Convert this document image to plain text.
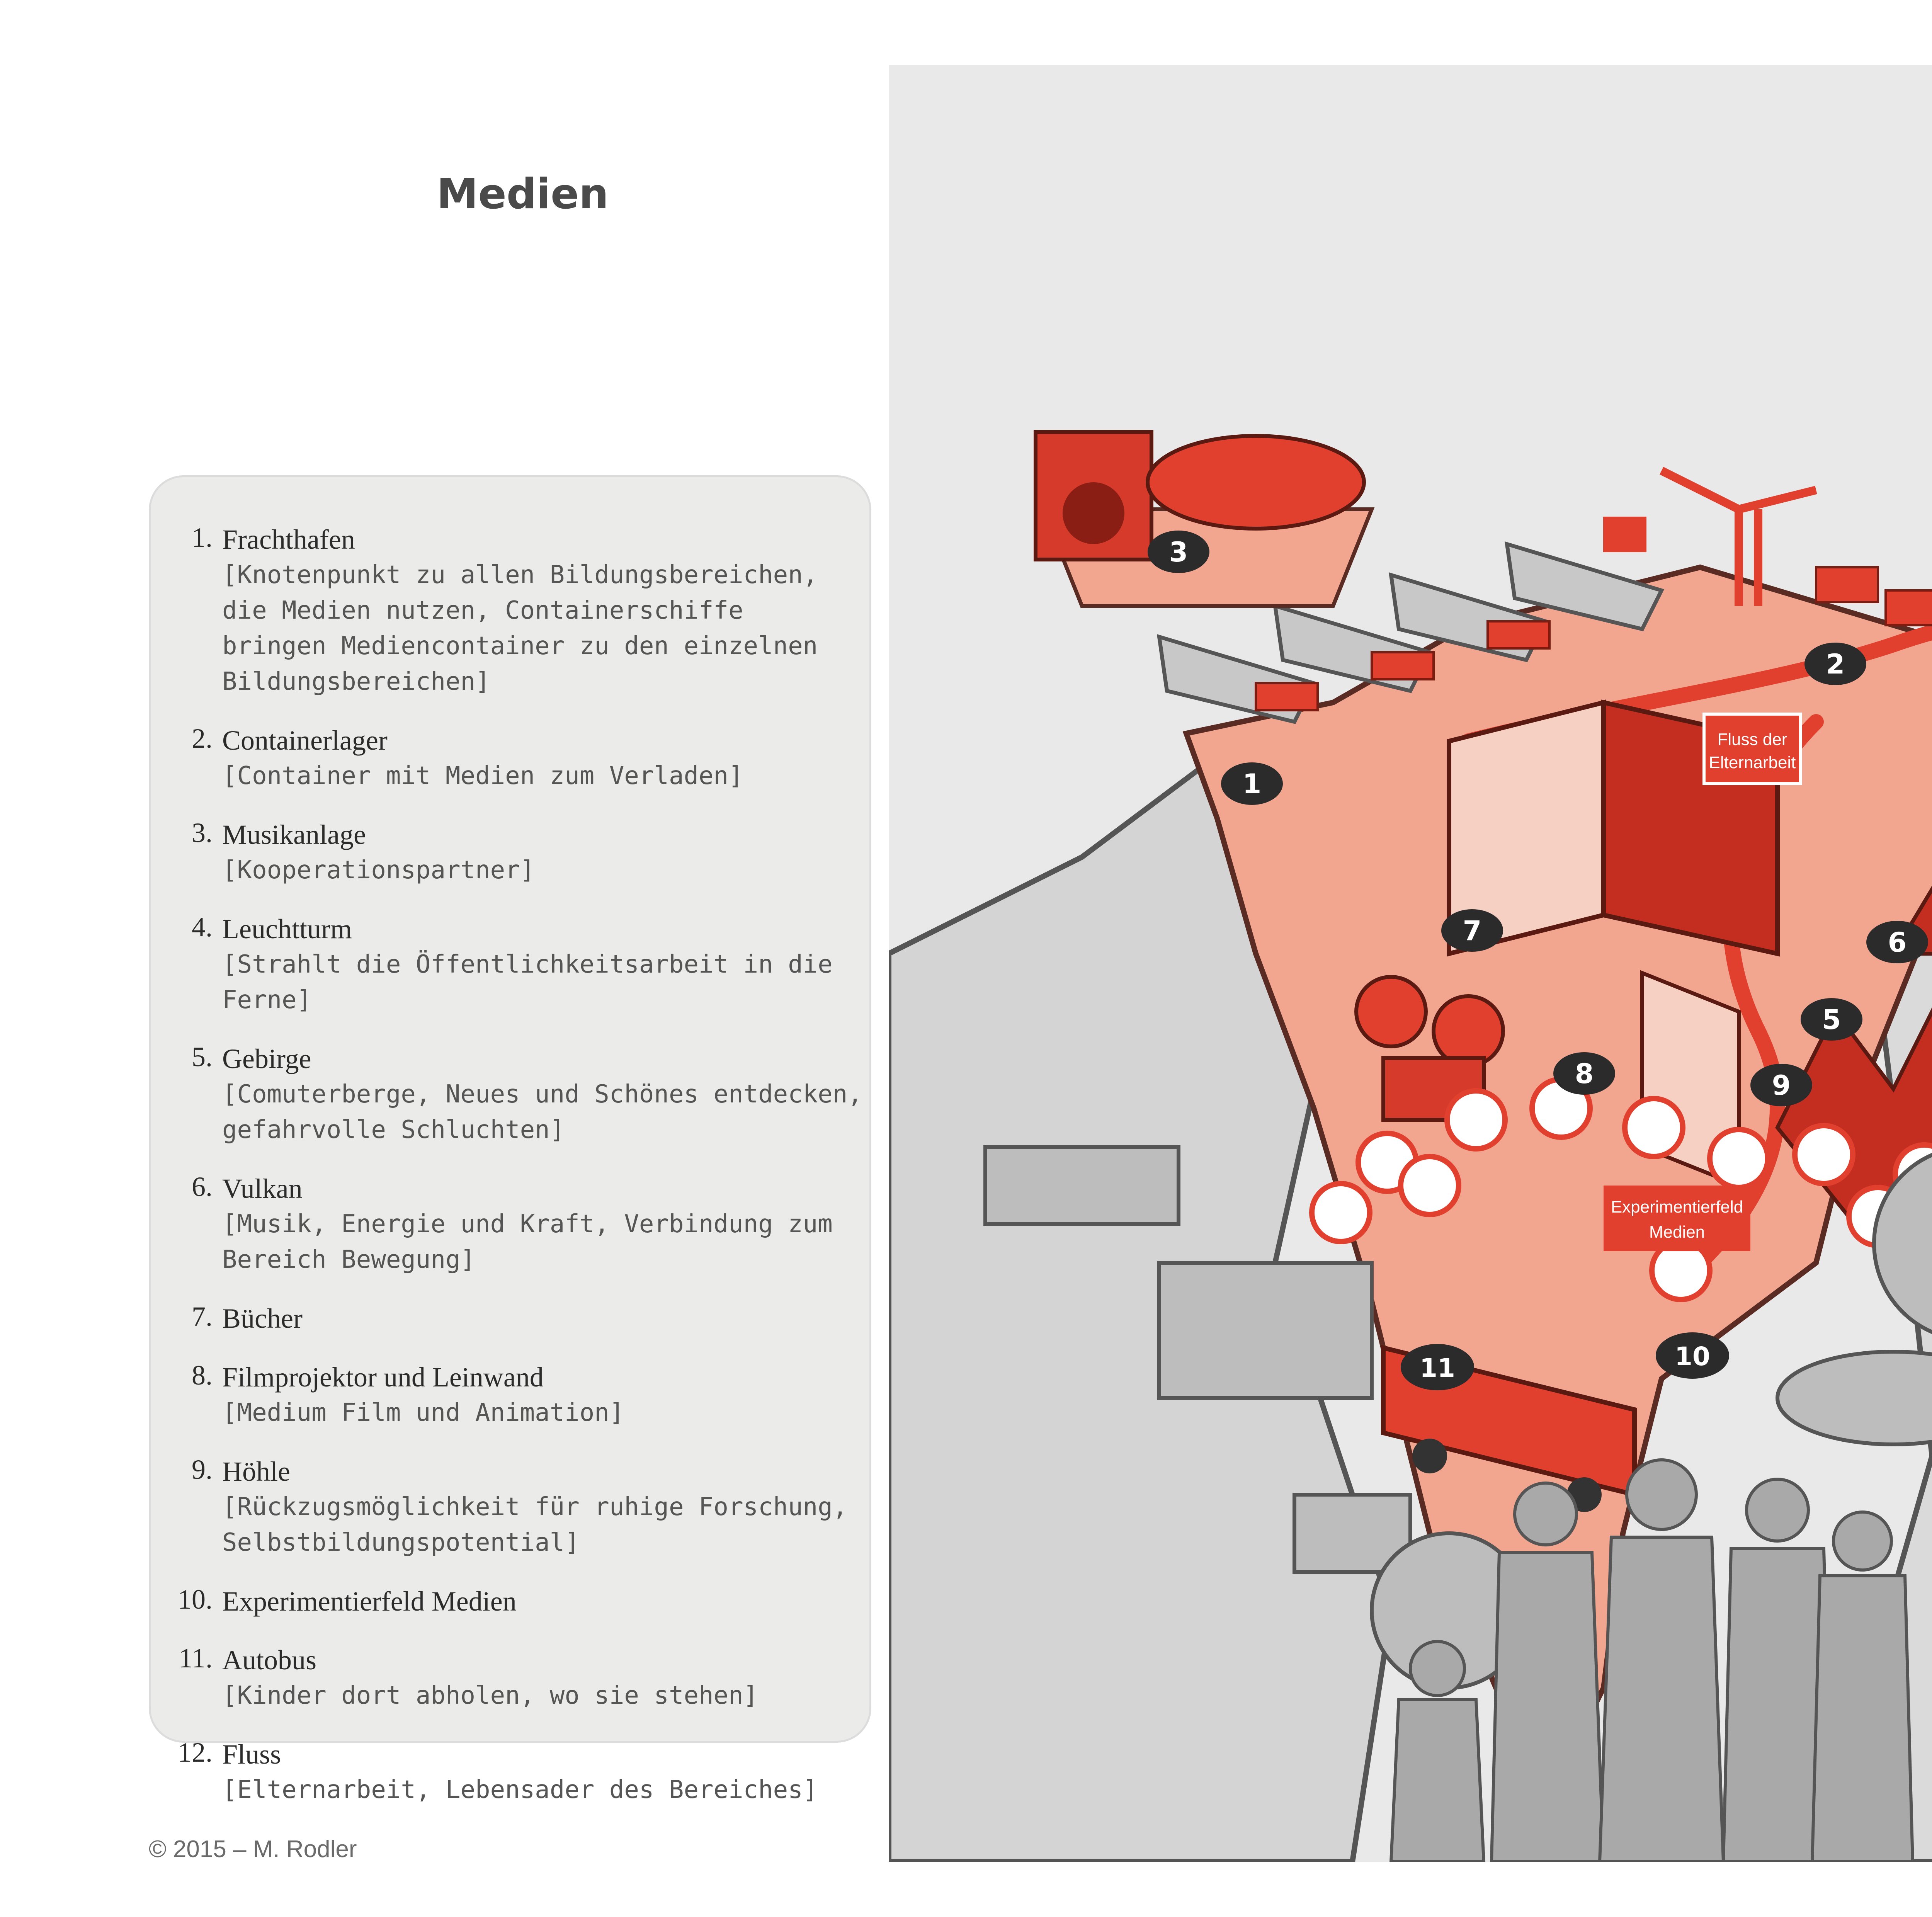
Medien
1. Frachthafen
[Knotenpunkt zu allen Bildungsbereichen,
die Medien nutzen, Containerschiffe
bringen Mediencontainer zu den einzelnen
Bildungsbereichen]
2. Containerlager
[Container mit Medien zum Verladen]
3. Musikanlage
[Kooperationspartner]
4. Leuchtturm
[Strahlt die Öffentlichkeitsarbeit in die Ferne]
5. Gebirge
[Comuterberge, Neues und Schönes entdecken,
gefahrvolle Schluchten]
6. Vulkan
[Musik, Energie und Kraft, Verbindung zum
Bereich Bewegung]
7. Bücher
8. Filmprojektor und Leinwand
[Medium Film und Animation]
9. Höhle
[Rückzugsmöglichkeit für ruhige Forschung,
Selbstbildungspotential]
10. Experimentierfeld Medien
11. Autobus
[Kinder dort abholen, wo sie stehen]
12. Fluss
[Elternarbeit, Lebensader des Bereiches]
© 2015 – M. Rodler
Fluss der
Elternarbeit
Experimentierfeld
Medien
1
2
3
5
6
7
8	9
10
11
